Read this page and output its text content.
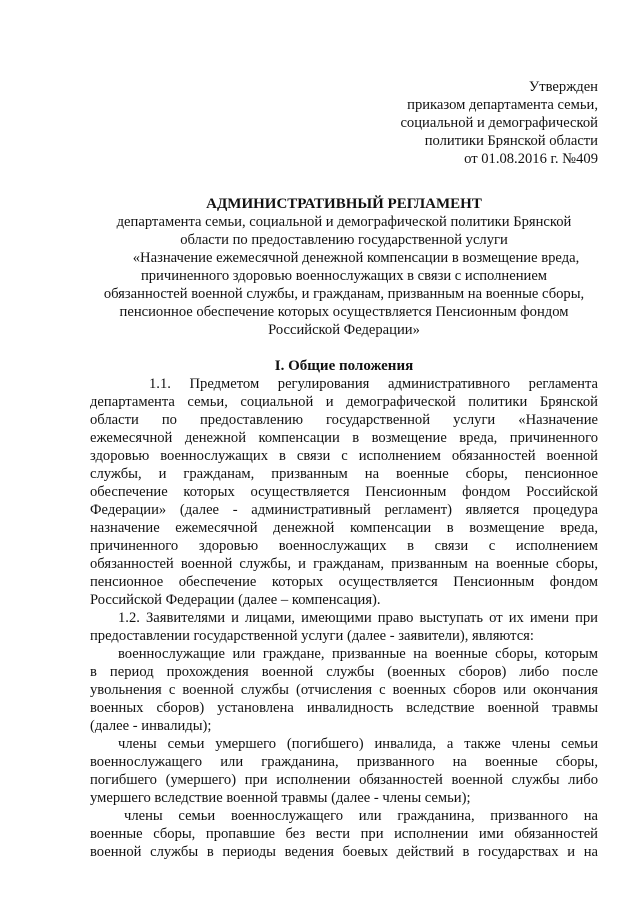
Утвержден
приказом департамента семьи,
социальной и демографической
политики Брянской области
от 01.08.2016 г. №409
АДМИНИСТРАТИВНЫЙ РЕГЛАМЕНТ
департамента семьи, социальной и демографической политики Брянской
области по предоставлению государственной услуги
«Назначение ежемесячной денежной компенсации в возмещение вреда,
причиненного здоровью военнослужащих в связи с исполнением
обязанностей военной службы, и гражданам, призванным на военные сборы,
пенсионное обеспечение которых осуществляется Пенсионным фондом
Российской Федерации»
I. Общие положения
1.1. Предметом регулирования административного регламента
департамента семьи, социальной и демографической политики Брянской
области по предоставлению государственной услуги «Назначение
ежемесячной денежной компенсации в возмещение вреда, причиненного
здоровью военнослужащих в связи с исполнением обязанностей военной
службы, и гражданам, призванным на военные сборы, пенсионное
обеспечение которых осуществляется Пенсионным фондом Российской
Федерации» (далее - административный регламент) является процедура
назначение ежемесячной денежной компенсации в возмещение вреда,
причиненного здоровью военнослужащих в связи с исполнением
обязанностей военной службы, и гражданам, призванным на военные сборы,
пенсионное обеспечение которых осуществляется Пенсионным фондом
Российской Федерации (далее – компенсация).
1.2. Заявителями и лицами, имеющими право выступать от их имени при
предоставлении государственной услуги (далее - заявители), являются:
военнослужащие или граждане, призванные на военные сборы, которым
в период прохождения военной службы (военных сборов) либо после
увольнения с военной службы (отчисления с военных сборов или окончания
военных сборов) установлена инвалидность вследствие военной травмы
(далее - инвалиды);
члены семьи умершего (погибшего) инвалида, а также члены семьи
военнослужащего или гражданина, призванного на военные сборы,
погибшего (умершего) при исполнении обязанностей военной службы либо
умершего вследствие военной травмы (далее - члены семьи);
члены семьи военнослужащего или гражданина, призванного на
военные сборы, пропавшие без вести при исполнении ими обязанностей
военной службы в периоды ведения боевых действий в государствах и на
